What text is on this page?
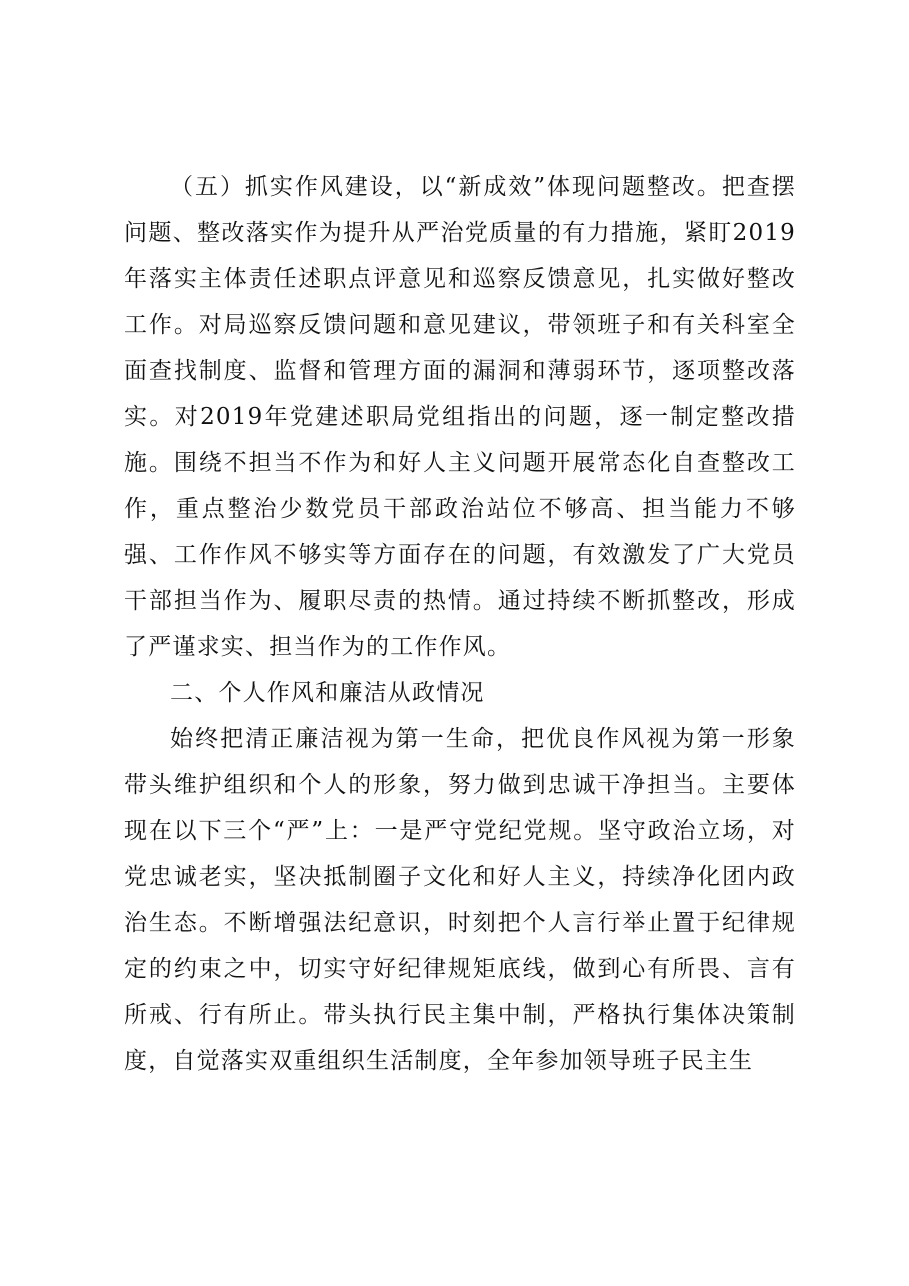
（五）抓实作风建设，以“新成效”体现问题整改。把查摆问题、整改落实作为提升从严治党质量的有力措施，紧盯2019年落实主体责任述职点评意见和巡察反馈意见，扎实做好整改工作。对局巡察反馈问题和意见建议，带领班子和有关科室全面查找制度、监督和管理方面的漏洞和薄弱环节，逐项整改落实。对2019年党建述职局党组指出的问题，逐一制定整改措施。围绕不担当不作为和好人主义问题开展常态化自查整改工作，重点整治少数党员干部政治站位不够高、担当能力不够强、工作作风不够实等方面存在的问题，有效激发了广大党员干部担当作为、履职尽责的热情。通过持续不断抓整改，形成了严谨求实、担当作为的工作作风。

二、个人作风和廉洁从政情况

始终把清正廉洁视为第一生命，把优良作风视为第一形象带头维护组织和个人的形象，努力做到忠诚干净担当。主要体现在以下三个“严”上：一是严守党纪党规。坚守政治立场，对党忠诚老实，坚决抵制圈子文化和好人主义，持续净化团内政治生态。不断增强法纪意识，时刻把个人言行举止置于纪律规定的约束之中，切实守好纪律规矩底线，做到心有所畏、言有所戒、行有所止。带头执行民主集中制，严格执行集体决策制度，自觉落实双重组织生活制度，全年参加领导班子民主生
